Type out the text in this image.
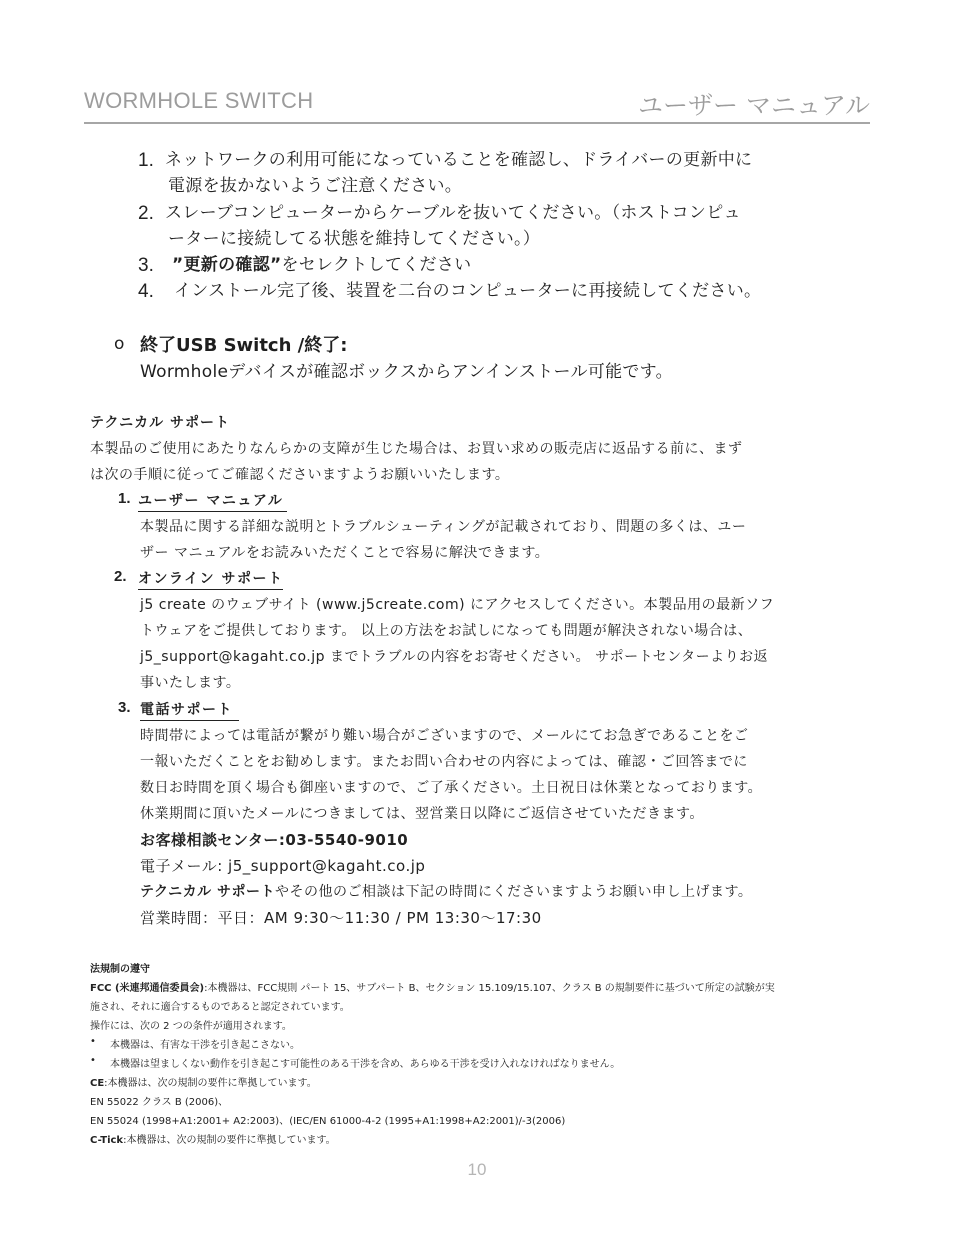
WORMHOLE SWITCH	ユーザー マニュアル
1. ネットワークの利用可能になっていることを確認し、ドライバーの更新中に
電源を抜かないようご注意ください。
2. スレーブコンピューターからケーブルを抜いてください。（ホストコンピュ
ーターに接続してる状態を維持してください。）
3. ”更新の確認”をセレクトしてください
4. インストール完了後、装置を二台のコンピューターに再接続してください。
o 終了USB Switch /終了:
Wormholeデバイスが確認ボックスからアンインストール可能です。
テクニカル サポート
本製品のご使用にあたりなんらかの支障が生じた場合は、お買い求めの販売店に返品する前に、まず
は次の手順に従ってご確認くださいますようお願いいたします。
1. ユーザー マニュアル
本製品に関する詳細な説明とトラブルシューティングが記載されており、問題の多くは、ユー
ザー マニュアルをお読みいただくことで容易に解決できます。
2. オンライン サポート
j5 create のウェブサイト (www.j5create.com) にアクセスしてください。本製品用の最新ソフ
トウェアをご提供しております。 以上の方法をお試しになっても問題が解決されない場合は、
j5_support@kagaht.co.jp までトラブルの内容をお寄せください。 サポートセンターよりお返
事いたします。
3. 電話サポート
時間帯によっては電話が繋がり難い場合がございますので、メールにてお急ぎであることをご
一報いただくことをお勧めします。またお問い合わせの内容によっては、確認・ご回答までに
数日お時間を頂く場合も御座いますので、ご了承ください。土日祝日は休業となっております。
休業期間に頂いたメールにつきましては、翌営業日以降にご返信させていただきます。
お客様相談センター:03-5540-9010
電子メール: j5_support@kagaht.co.jp
テクニカル サポートやその他のご相談は下記の時間にくださいますようお願い申し上げます。
営業時間：平日：AM 9:30～11:30 / PM 13:30～17:30
法規制の遵守
FCC (米連邦通信委員会):本機器は、FCC規則 パート 15、サブパート B、セクション 15.109/15.107、クラス B の規制要件に基づいて所定の試験が実
施され、それに適合するものであると認定されています。
操作には、次の 2 つの条件が適用されます。
• 本機器は、有害な干渉を引き起こさない。
• 本機器は望ましくない動作を引き起こす可能性のある干渉を含め、あらゆる干渉を受け入れなければなりません。
CE:本機器は、次の規制の要件に準拠しています。
EN 55022 クラス B (2006)、
EN 55024 (1998+A1:2001+ A2:2003)、(IEC/EN 61000-4-2 (1995+A1:1998+A2:2001)/-3(2006)
C-Tick:本機器は、次の規制の要件に準拠しています。
10
